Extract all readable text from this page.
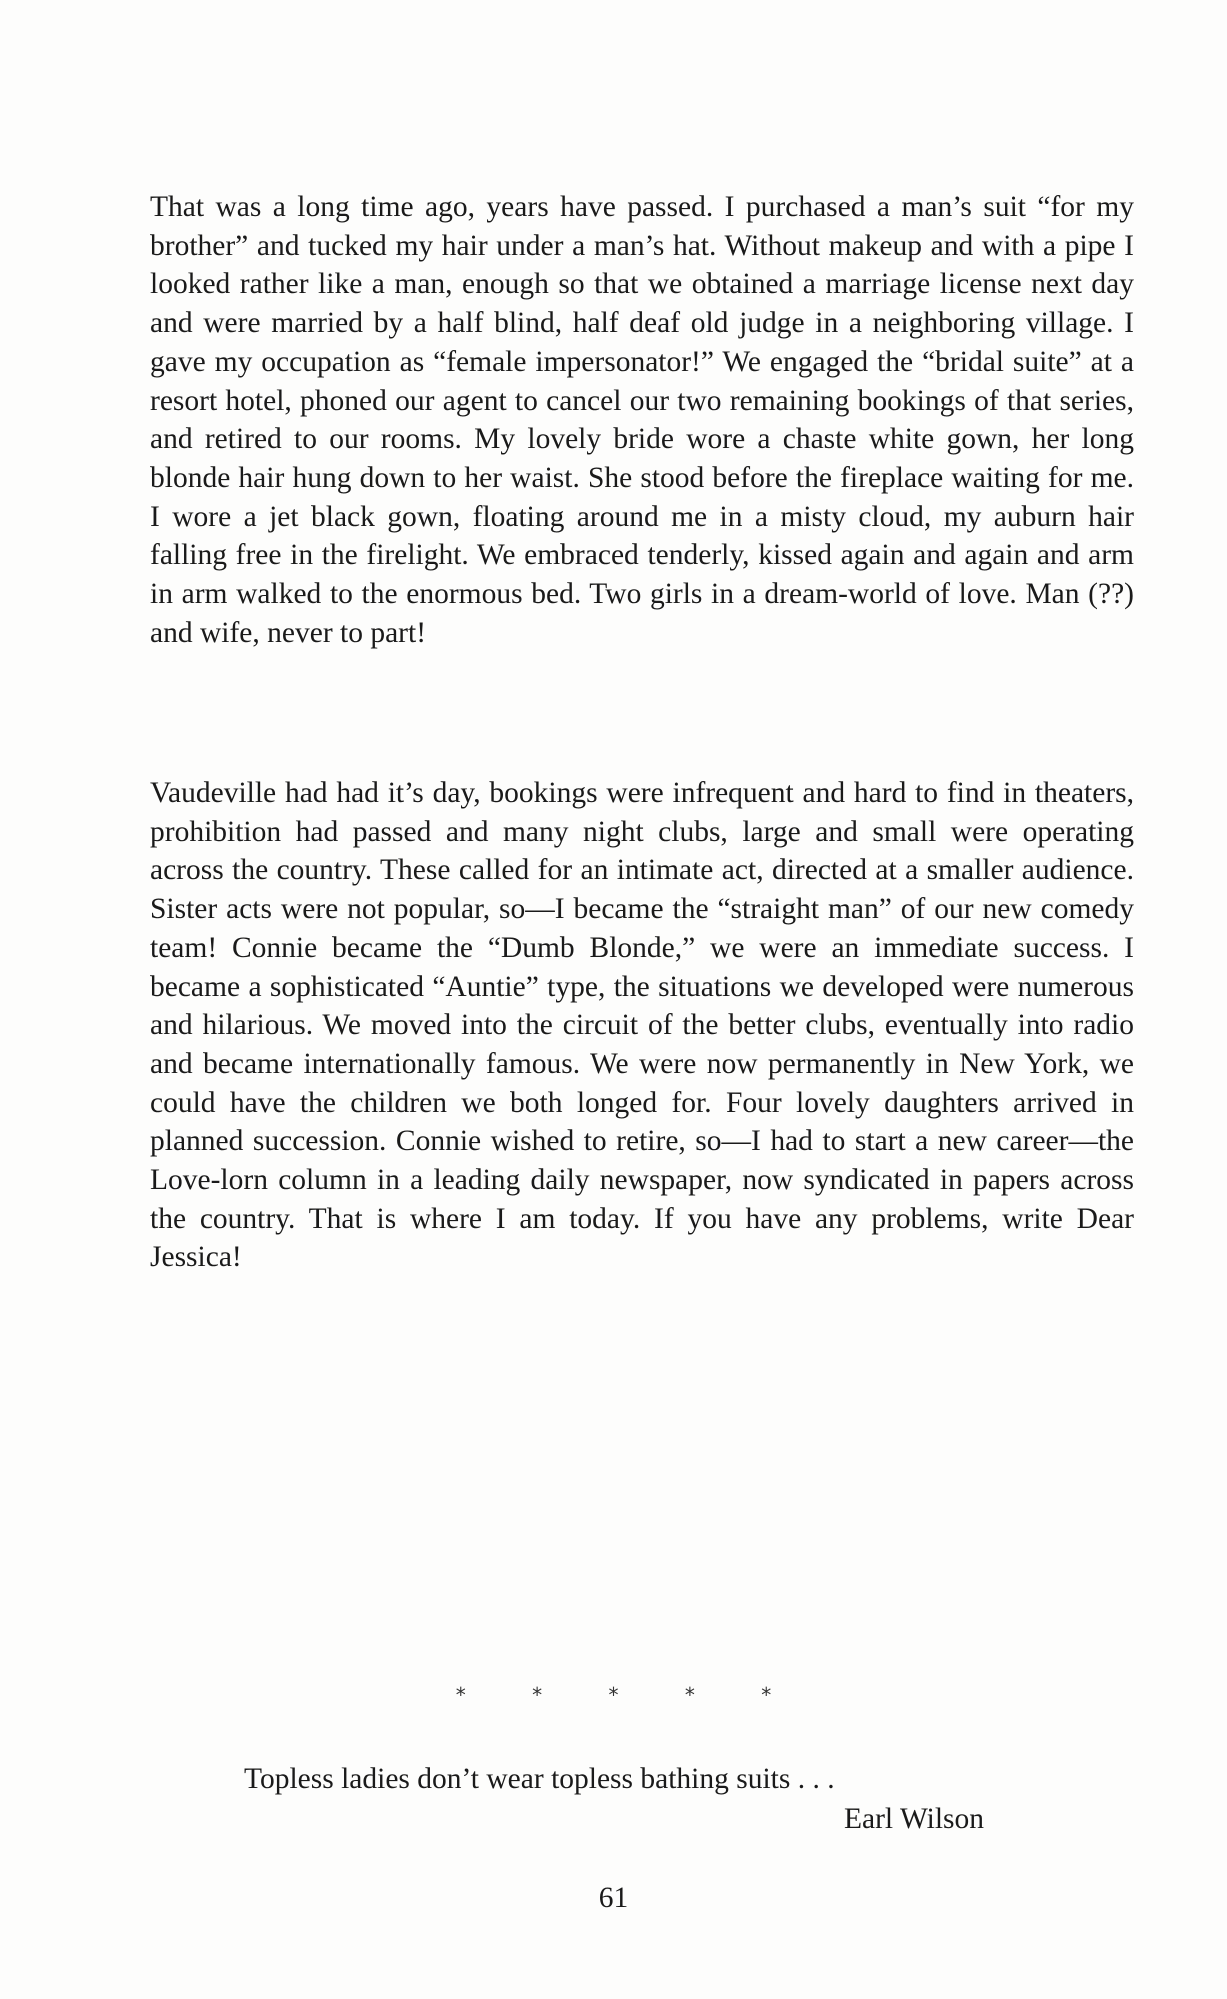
That was a long time ago, years have passed. I purchased a man’s suit “for my brother” and tucked my hair under a man’s hat. Without makeup and with a pipe I looked rather like a man, enough so that we obtained a marriage license next day and were married by a half blind, half deaf old judge in a neighboring village. I gave my occupation as “female impersonator!” We engaged the “bridal suite” at a resort hotel, phoned our agent to cancel our two remaining bookings of that series, and retired to our rooms. My lovely bride wore a chaste white gown, her long blonde hair hung down to her waist. She stood before the fireplace waiting for me. I wore a jet black gown, floating around me in a misty cloud, my auburn hair falling free in the firelight. We embraced tenderly, kissed again and again and arm in arm walked to the enormous bed. Two girls in a dream-world of love. Man (??) and wife, never to part!

Vaudeville had had it’s day, bookings were infrequent and hard to find in theaters, prohibition had passed and many night clubs, large and small were operating across the country. These called for an intimate act, directed at a smaller audience. Sister acts were not popular, so—I became the “straight man” of our new comedy team! Connie became the “Dumb Blonde,” we were an immediate success. I became a sophisticated “Auntie” type, the situations we developed were numerous and hilarious. We moved into the circuit of the better clubs, eventually into radio and became internationally famous. We were now permanently in New York, we could have the children we both longed for. Four lovely daughters arrived in planned succession. Connie wished to retire, so—I had to start a new career—the Love-lorn column in a leading daily newspaper, now syndicated in papers across the country. That is where I am today. If you have any problems, write Dear Jessica!

* * * * *
Topless ladies don’t wear topless bathing suits . . .
Earl Wilson
61
